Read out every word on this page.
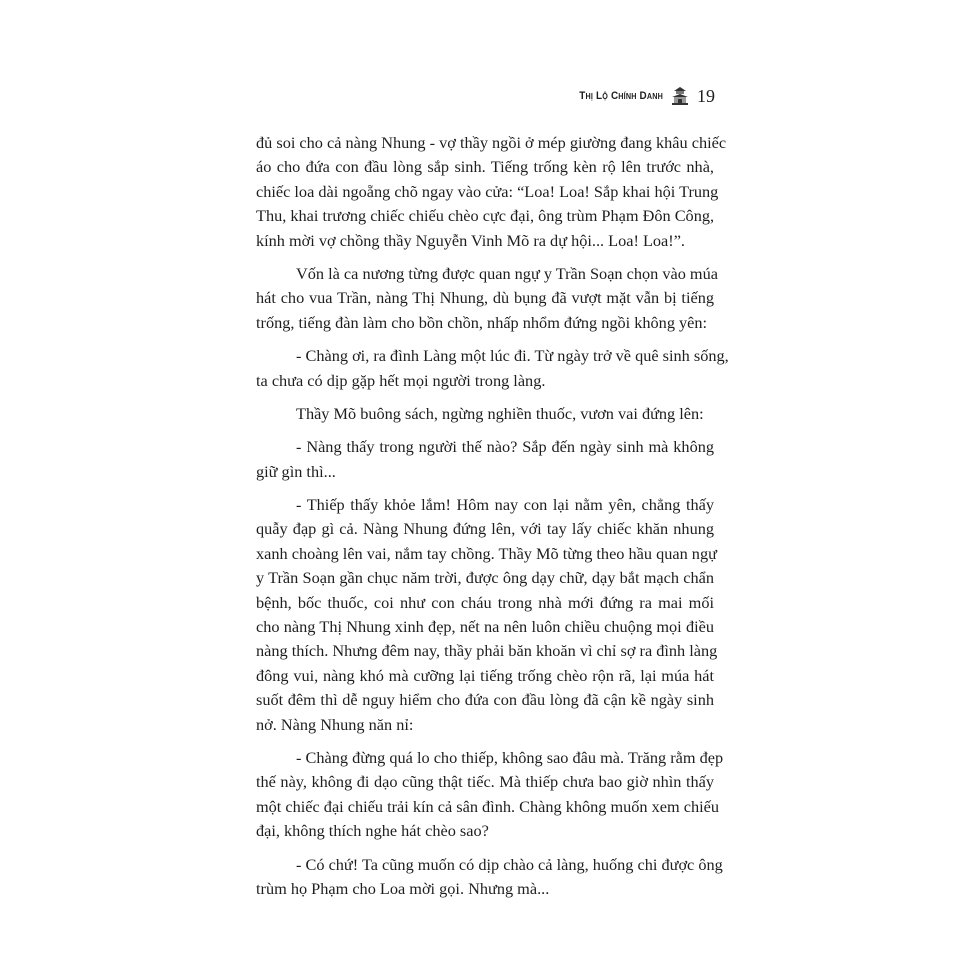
Thị Lộ Chính Danh 19
đủ soi cho cả nàng Nhung - vợ thầy ngồi ở mép giường đang khâu chiếc
áo cho đứa con đầu lòng sắp sinh. Tiếng trống kèn rộ lên trước nhà,
chiếc loa dài ngoẵng chõ ngay vào cửa: “Loa! Loa! Sắp khai hội Trung
Thu, khai trương chiếc chiếu chèo cực đại, ông trùm Phạm Đôn Công,
kính mời vợ chồng thầy Nguyễn Vinh Mõ ra dự hội... Loa! Loa!”.
Vốn là ca nương từng được quan ngự y Trần Soạn chọn vào múa
hát cho vua Trần, nàng Thị Nhung, dù bụng đã vượt mặt vẫn bị tiếng
trống, tiếng đàn làm cho bồn chồn, nhấp nhổm đứng ngồi không yên:
- Chàng ơi, ra đình Làng một lúc đi. Từ ngày trở về quê sinh sống,
ta chưa có dịp gặp hết mọi người trong làng.
Thầy Mõ buông sách, ngừng nghiền thuốc, vươn vai đứng lên:
- Nàng thấy trong người thế nào? Sắp đến ngày sinh mà không
giữ gìn thì...
- Thiếp thấy khỏe lắm! Hôm nay con lại nằm yên, chẳng thấy
quẫy đạp gì cả. Nàng Nhung đứng lên, với tay lấy chiếc khăn nhung
xanh choàng lên vai, nắm tay chồng. Thầy Mõ từng theo hầu quan ngự
y Trần Soạn gần chục năm trời, được ông dạy chữ, dạy bắt mạch chẩn
bệnh, bốc thuốc, coi như con cháu trong nhà mới đứng ra mai mối
cho nàng Thị Nhung xinh đẹp, nết na nên luôn chiều chuộng mọi điều
nàng thích. Nhưng đêm nay, thầy phải băn khoăn vì chỉ sợ ra đình làng
đông vui, nàng khó mà cưỡng lại tiếng trống chèo rộn rã, lại múa hát
suốt đêm thì dễ nguy hiểm cho đứa con đầu lòng đã cận kề ngày sinh
nở. Nàng Nhung năn nỉ:
- Chàng đừng quá lo cho thiếp, không sao đâu mà. Trăng rằm đẹp
thế này, không đi dạo cũng thật tiếc. Mà thiếp chưa bao giờ nhìn thấy
một chiếc đại chiếu trải kín cả sân đình. Chàng không muốn xem chiếu
đại, không thích nghe hát chèo sao?
- Có chứ! Ta cũng muốn có dịp chào cả làng, huống chi được ông
trùm họ Phạm cho Loa mời gọi. Nhưng mà...
